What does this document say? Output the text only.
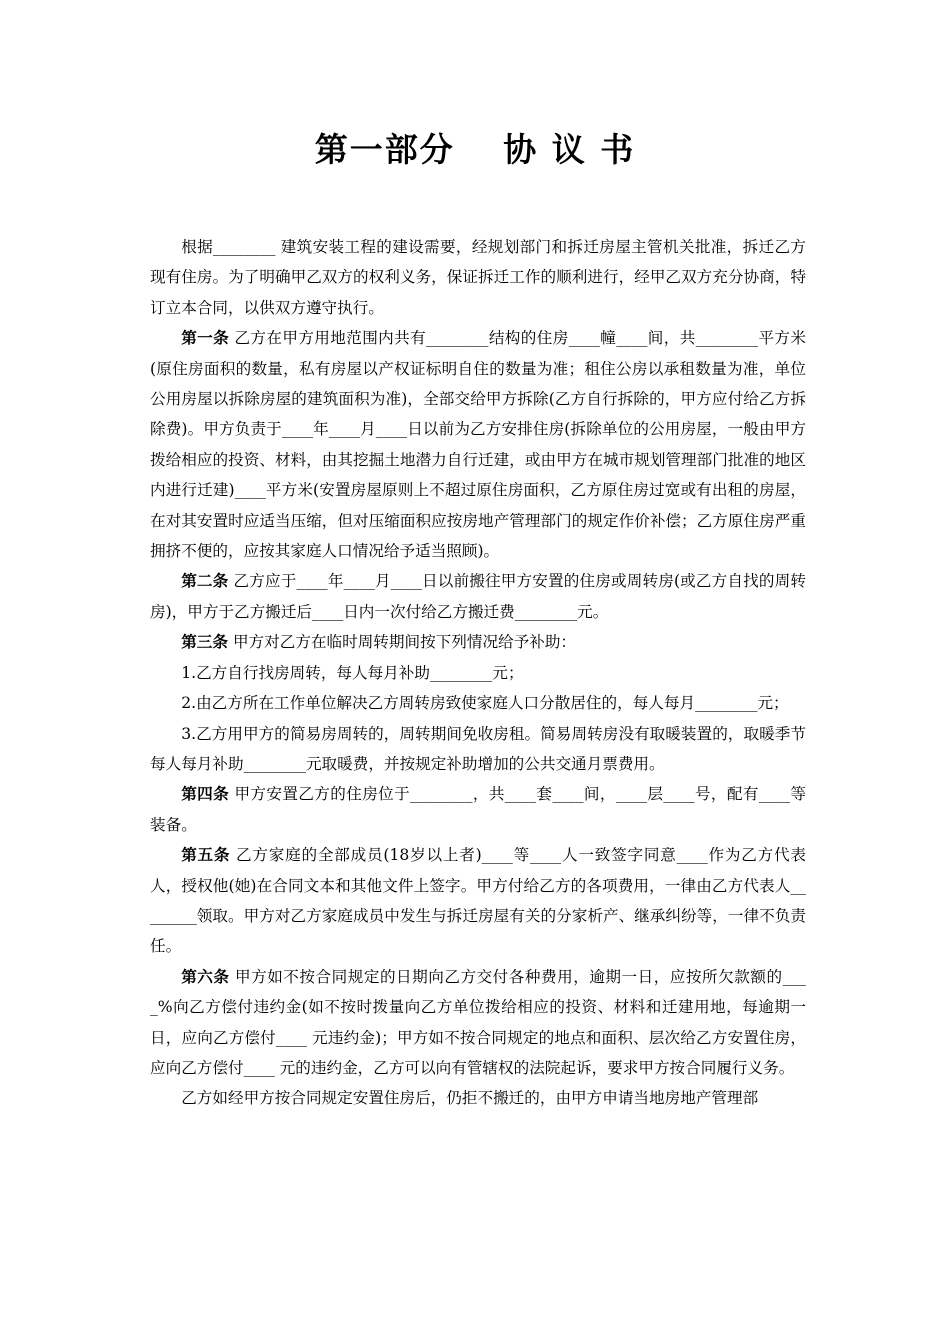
第一部分　 协 议 书

根据________ 建筑安装工程的建设需要，经规划部门和拆迁房屋主管机关批准，拆迁乙方现有住房。为了明确甲乙双方的权利义务，保证拆迁工作的顺利进行，经甲乙双方充分协商，特订立本合同，以供双方遵守执行。

第一条 乙方在甲方用地范围内共有________结构的住房____幢____间，共________平方米(原住房面积的数量，私有房屋以产权证标明自住的数量为准；租住公房以承租数量为准，单位公用房屋以拆除房屋的建筑面积为准)，全部交给甲方拆除(乙方自行拆除的，甲方应付给乙方拆除费)。甲方负责于____年____月____日以前为乙方安排住房(拆除单位的公用房屋，一般由甲方拨给相应的投资、材料，由其挖掘土地潜力自行迁建，或由甲方在城市规划管理部门批准的地区内进行迁建)____平方米(安置房屋原则上不超过原住房面积，乙方原住房过宽或有出租的房屋，在对其安置时应适当压缩，但对压缩面积应按房地产管理部门的规定作价补偿；乙方原住房严重拥挤不便的，应按其家庭人口情况给予适当照顾)。

第二条 乙方应于____年____月____日以前搬往甲方安置的住房或周转房(或乙方自找的周转房)，甲方于乙方搬迁后____日内一次付给乙方搬迁费________元。

第三条 甲方对乙方在临时周转期间按下列情况给予补助：

1.乙方自行找房周转，每人每月补助________元；

2.由乙方所在工作单位解决乙方周转房致使家庭人口分散居住的，每人每月________元；

3.乙方用甲方的简易房周转的，周转期间免收房租。简易周转房没有取暖装置的，取暖季节每人每月补助________元取暖费，并按规定补助增加的公共交通月票费用。

第四条 甲方安置乙方的住房位于________，共____套____间，____层____号，配有____等装备。

第五条 乙方家庭的全部成员(18岁以上者)____等____人一致签字同意____作为乙方代表人，授权他(她)在合同文本和其他文件上签字。甲方付给乙方的各项费用，一律由乙方代表人________领取。甲方对乙方家庭成员中发生与拆迁房屋有关的分家析产、继承纠纷等，一律不负责任。

第六条 甲方如不按合同规定的日期向乙方交付各种费用，逾期一日，应按所欠款额的____%向乙方偿付违约金(如不按时拨量向乙方单位拨给相应的投资、材料和迁建用地，每逾期一日，应向乙方偿付____ 元违约金)；甲方如不按合同规定的地点和面积、层次给乙方安置住房，应向乙方偿付____ 元的违约金，乙方可以向有管辖权的法院起诉，要求甲方按合同履行义务。

乙方如经甲方按合同规定安置住房后，仍拒不搬迁的，由甲方申请当地房地产管理部
